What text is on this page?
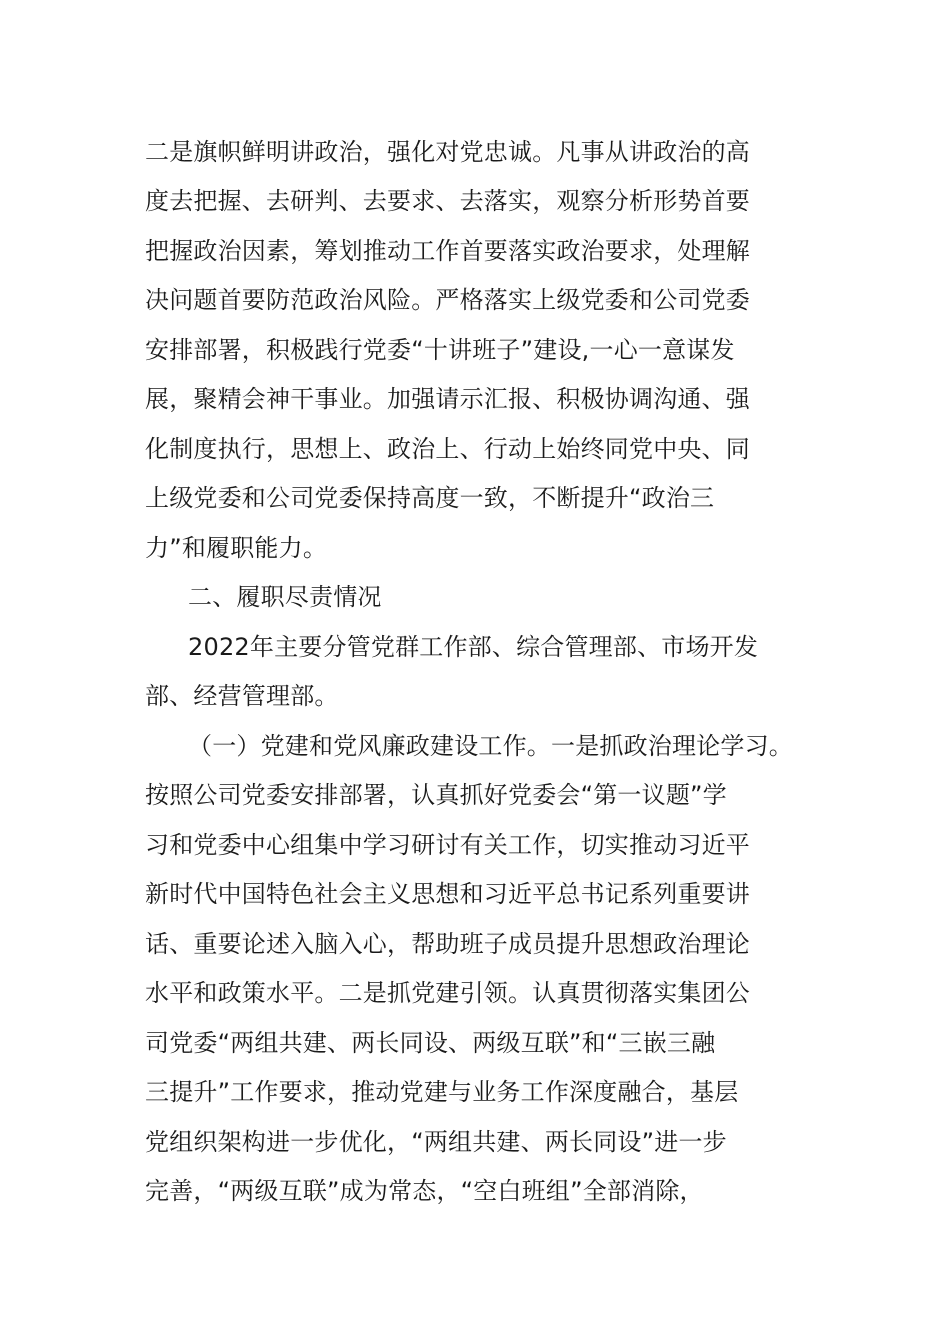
二是旗帜鲜明讲政治，强化对党忠诚。凡事从讲政治的高
度去把握、去研判、去要求、去落实，观察分析形势首要
把握政治因素，筹划推动工作首要落实政治要求，处理解
决问题首要防范政治风险。严格落实上级党委和公司党委
安排部署，积极践行党委“十讲班子”建设,一心一意谋发
展，聚精会神干事业。加强请示汇报、积极协调沟通、强
化制度执行，思想上、政治上、行动上始终同党中央、同
上级党委和公司党委保持高度一致，不断提升“政治三
力”和履职能力。
二、履职尽责情况
2022年主要分管党群工作部、综合管理部、市场开发
部、经营管理部。
（一）党建和党风廉政建设工作。一是抓政治理论学习。
按照公司党委安排部署，认真抓好党委会“第一议题”学
习和党委中心组集中学习研讨有关工作，切实推动习近平
新时代中国特色社会主义思想和习近平总书记系列重要讲
话、重要论述入脑入心，帮助班子成员提升思想政治理论
水平和政策水平。二是抓党建引领。认真贯彻落实集团公
司党委“两组共建、两长同设、两级互联”和“三嵌三融
三提升”工作要求，推动党建与业务工作深度融合，基层
党组织架构进一步优化，“两组共建、两长同设”进一步
完善，“两级互联”成为常态，“空白班组”全部消除，
